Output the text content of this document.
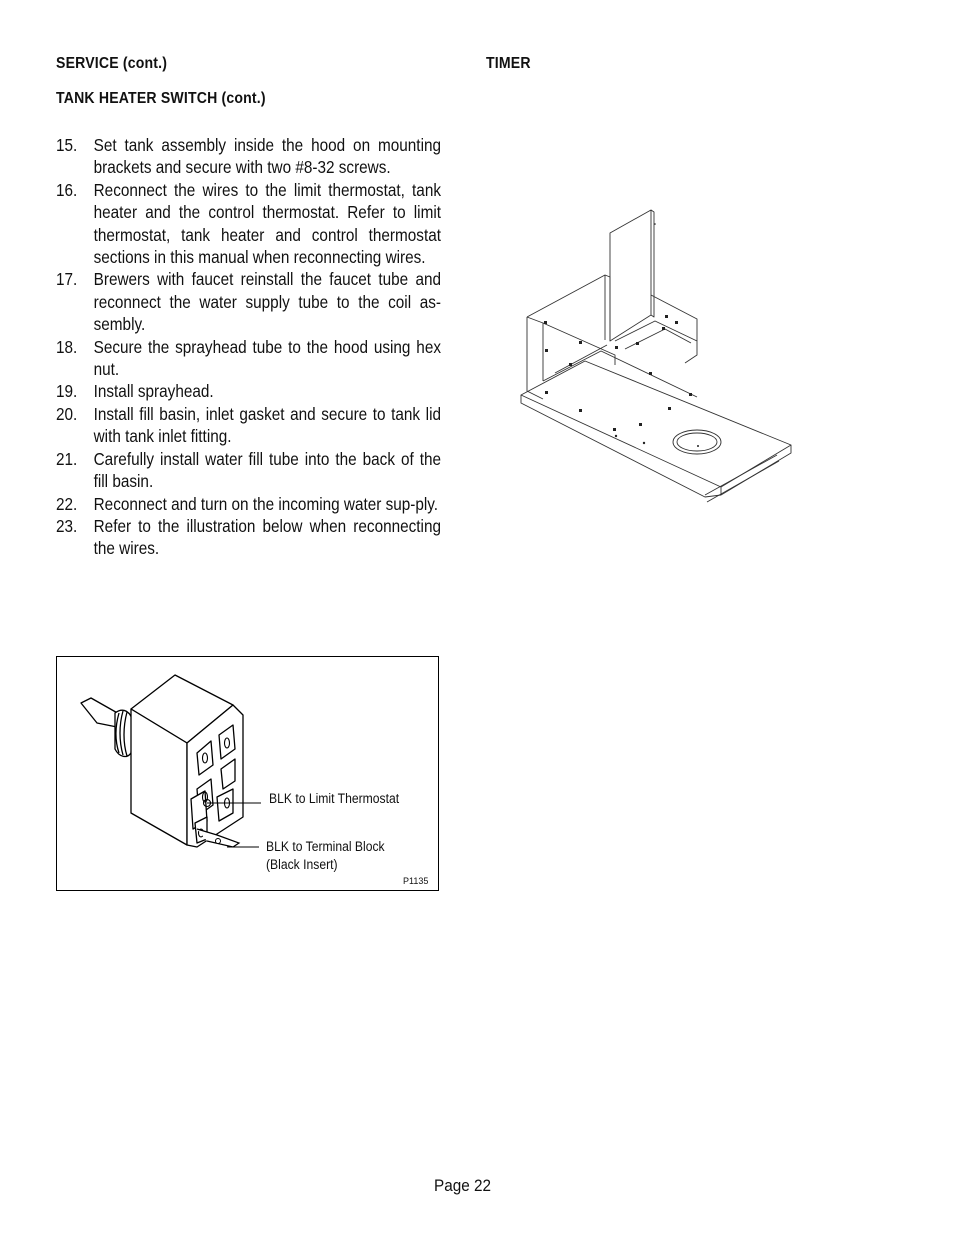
SERVICE (cont.)
TANK HEATER SWITCH (cont.)
TIMER
15. Set tank assembly inside the hood on mounting brackets and secure with two #8-32 screws.
16. Reconnect the wires to the limit thermostat, tank heater and the control thermostat. Refer to limit thermostat, tank heater and control thermostat sections in this manual when reconnecting wires.
17. Brewers with faucet reinstall the faucet tube and reconnect the water supply tube to the coil as-sembly.
18. Secure the sprayhead tube to the hood using hex nut.
19. Install sprayhead.
20. Install fill basin, inlet gasket and secure to tank lid with tank inlet fitting.
21. Carefully install water fill tube into the back of the fill basin.
22. Reconnect and turn on the incoming water sup-ply.
23. Refer to the illustration below when reconnecting the wires.
BLK to Limit Thermostat
BLK to Terminal Block
(Black Insert)
P1135
Page 22
